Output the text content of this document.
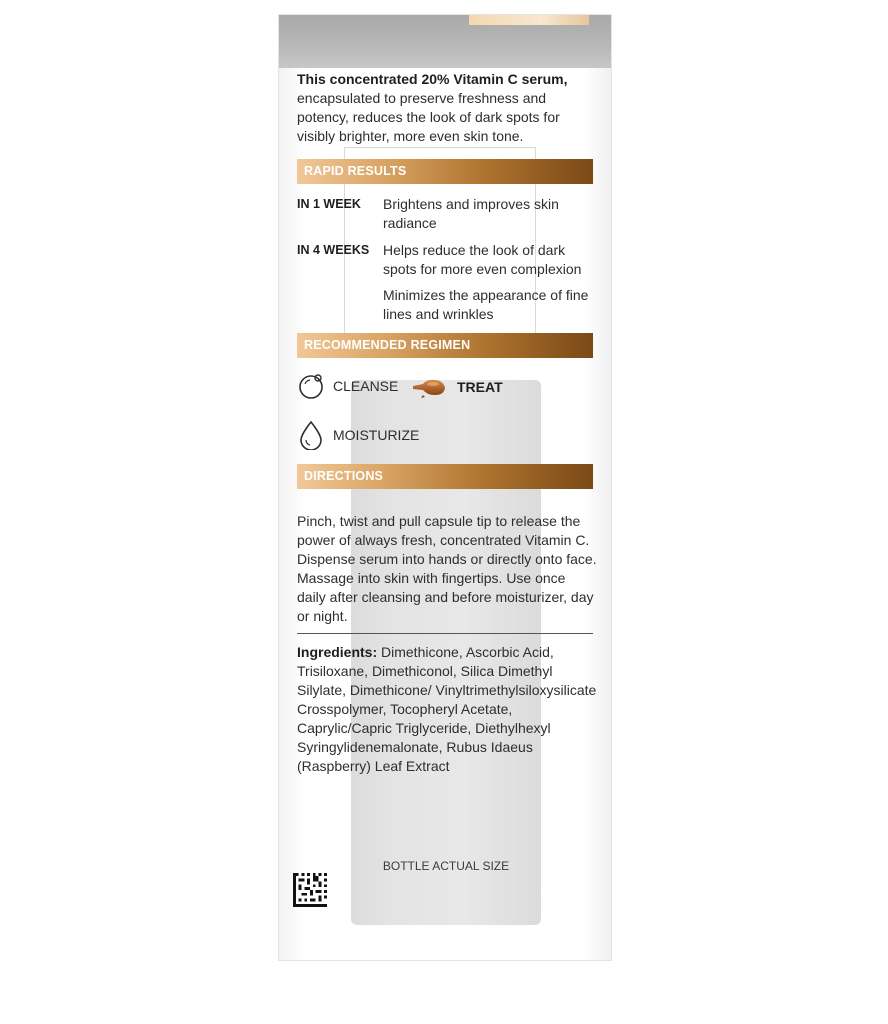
BOTTLE ACTUAL SIZE

This concentrated 20% Vitamin C serum, encapsulated to preserve freshness and potency, reduces the look of dark spots for visibly brighter, more even skin tone.

RAPID RESULTS
IN 1 WEEK Brightens and improves skin radiance
IN 4 WEEKS Helps reduce the look of dark spots for more even complexion
Minimizes the appearance of fine lines and wrinkles
RECOMMENDED REGIMEN
CLEANSE	TREAT
MOISTURIZE
DIRECTIONS

Pinch, twist and pull capsule tip to release the power of always fresh, concentrated Vitamin C. Dispense serum into hands or directly onto face. Massage into skin with fingertips. Use once daily after cleansing and before moisturizer, day or night.

Ingredients: Dimethicone, Ascorbic Acid, Trisiloxane, Dimethiconol, Silica Dimethyl Silylate, Dimethicone/ Vinyltrimethylsiloxysilicate Crosspolymer, Tocopheryl Acetate, Caprylic/Capric Triglyceride, Diethylhexyl Syringylidenemalonate, Rubus Idaeus (Raspberry) Leaf Extract
